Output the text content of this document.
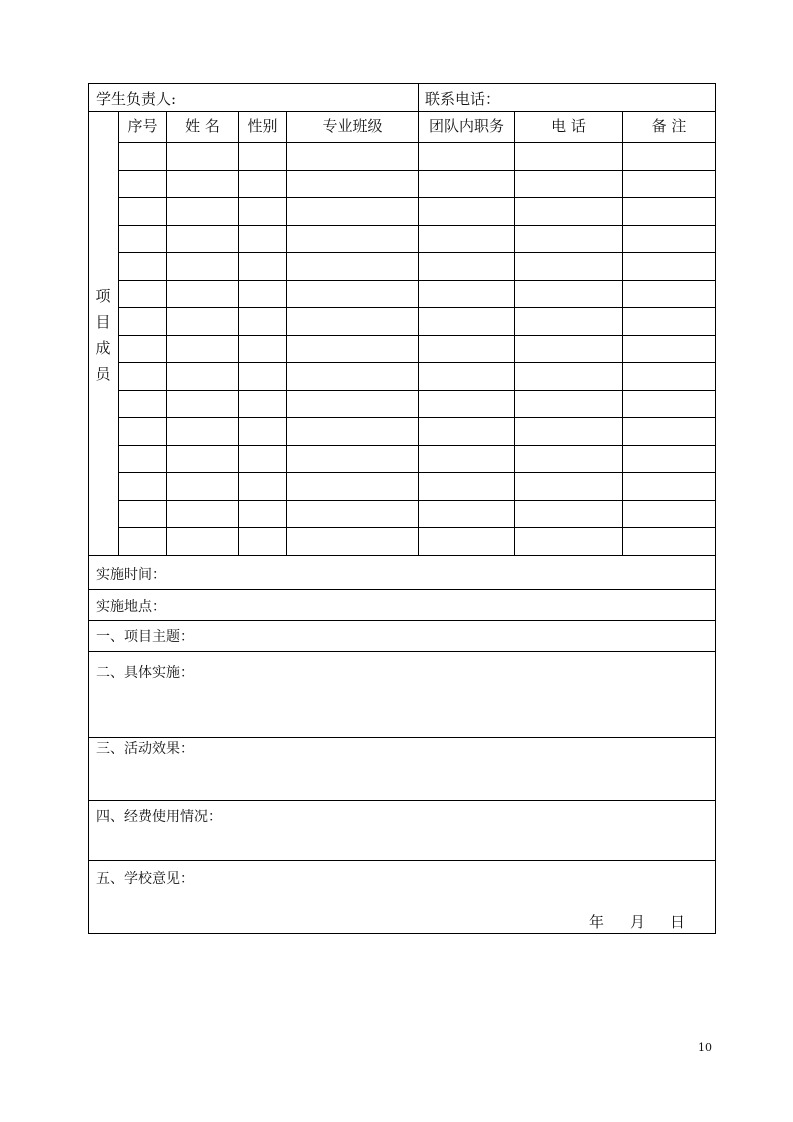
学生负责人:	联系电话：
项
目
成
员
序号	姓 名	性别	专业班级	团队内职务	电 话	备 注
实施时间：
实施地点：
一、项目主题：
二、具体实施：
三、活动效果：
四、经费使用情况：
五、学校意见：
年 月 日
10
